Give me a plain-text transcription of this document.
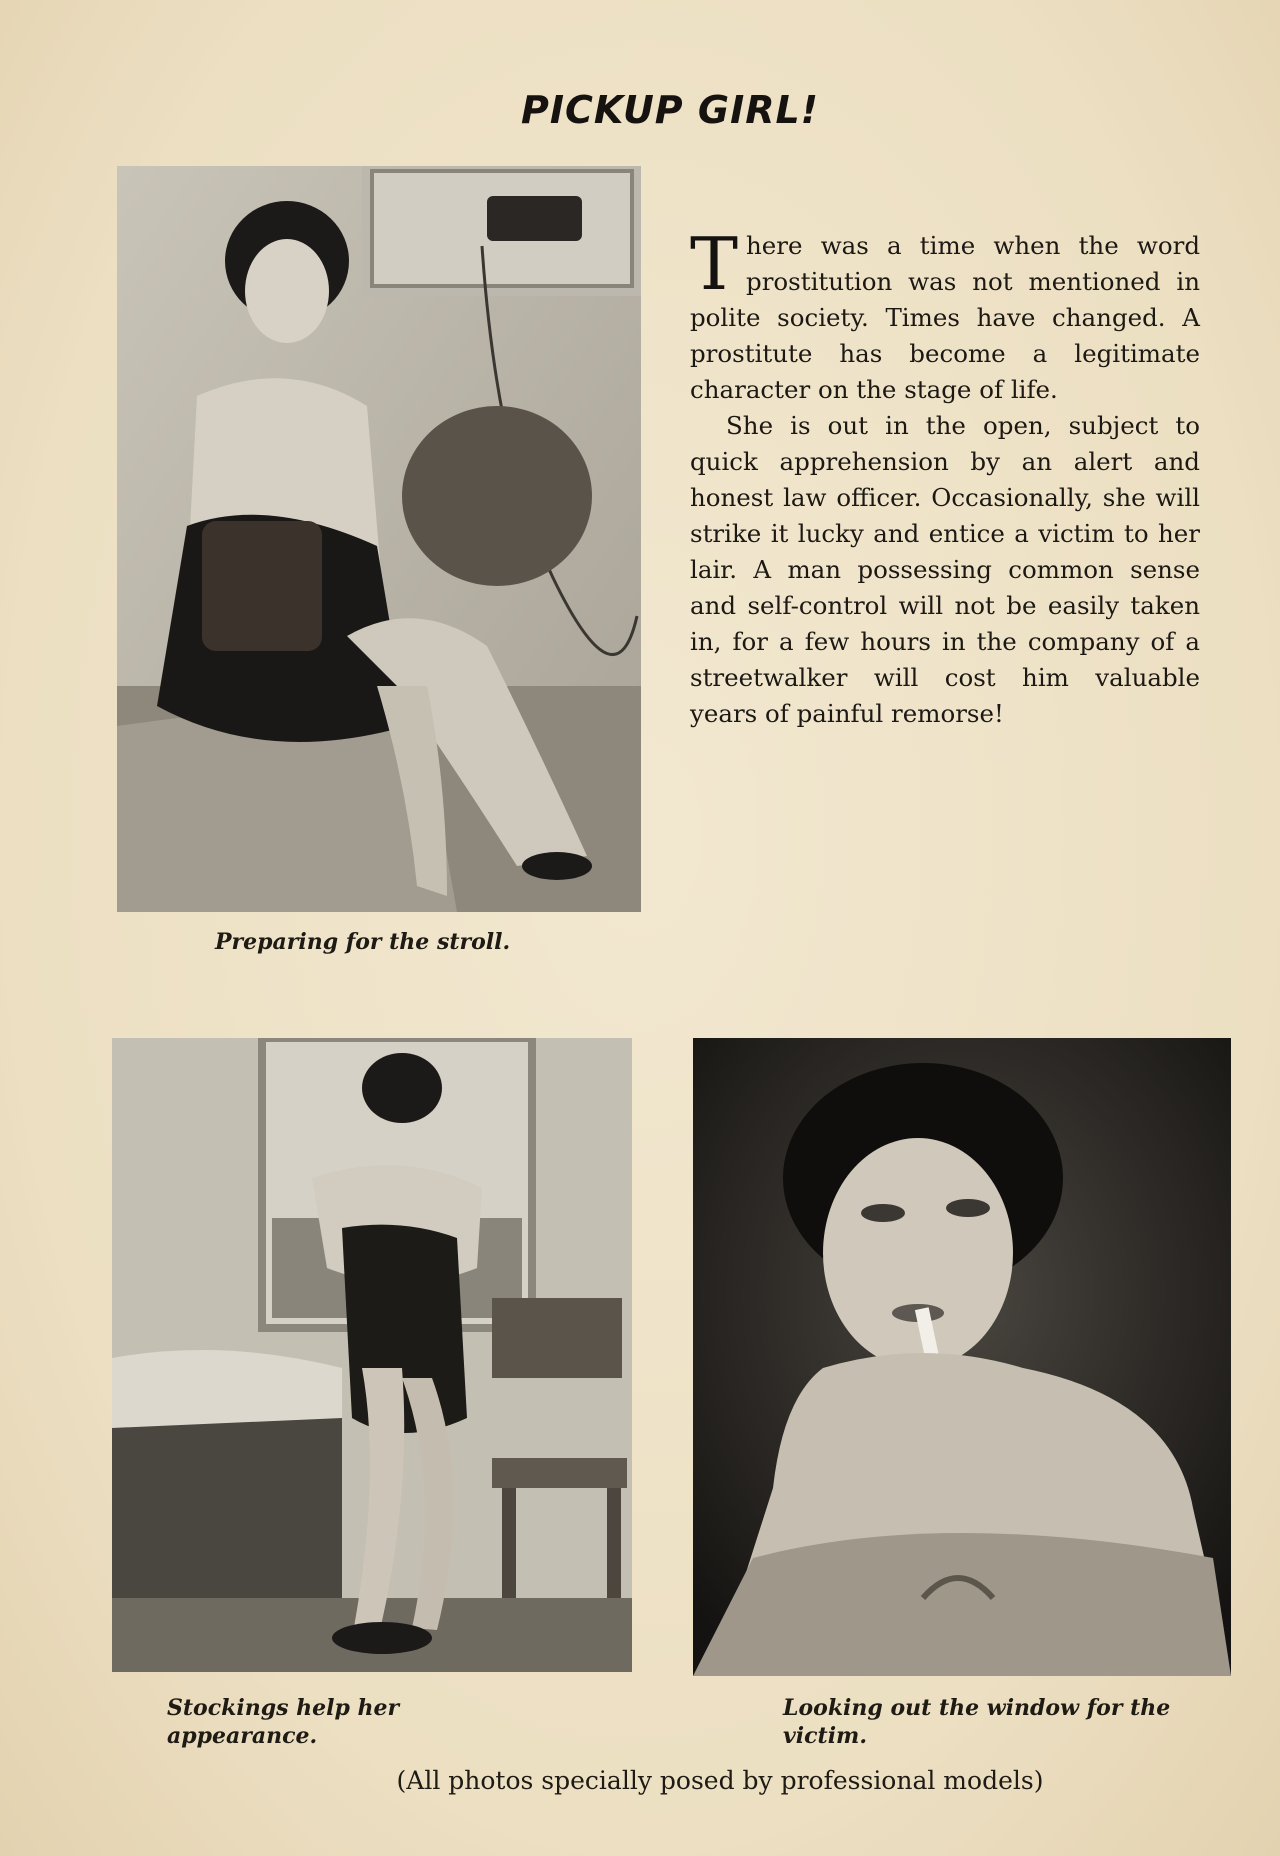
PICKUP GIRL!
Preparing for the stroll.

There was a time when the word prostitution was not mentioned in polite society. Times have changed. A prostitute has become a legitimate character on the stage of life.

She is out in the open, subject to quick apprehension by an alert and honest law officer. Occasionally, she will strike it lucky and entice a victim to her lair. A man possessing common sense and self-control will not be easily taken in, for a few hours in the company of a streetwalker will cost him valuable years of painful remorse!

Stockings help her appearance.
Looking out the window for the victim.
(All photos specially posed by professional models)
